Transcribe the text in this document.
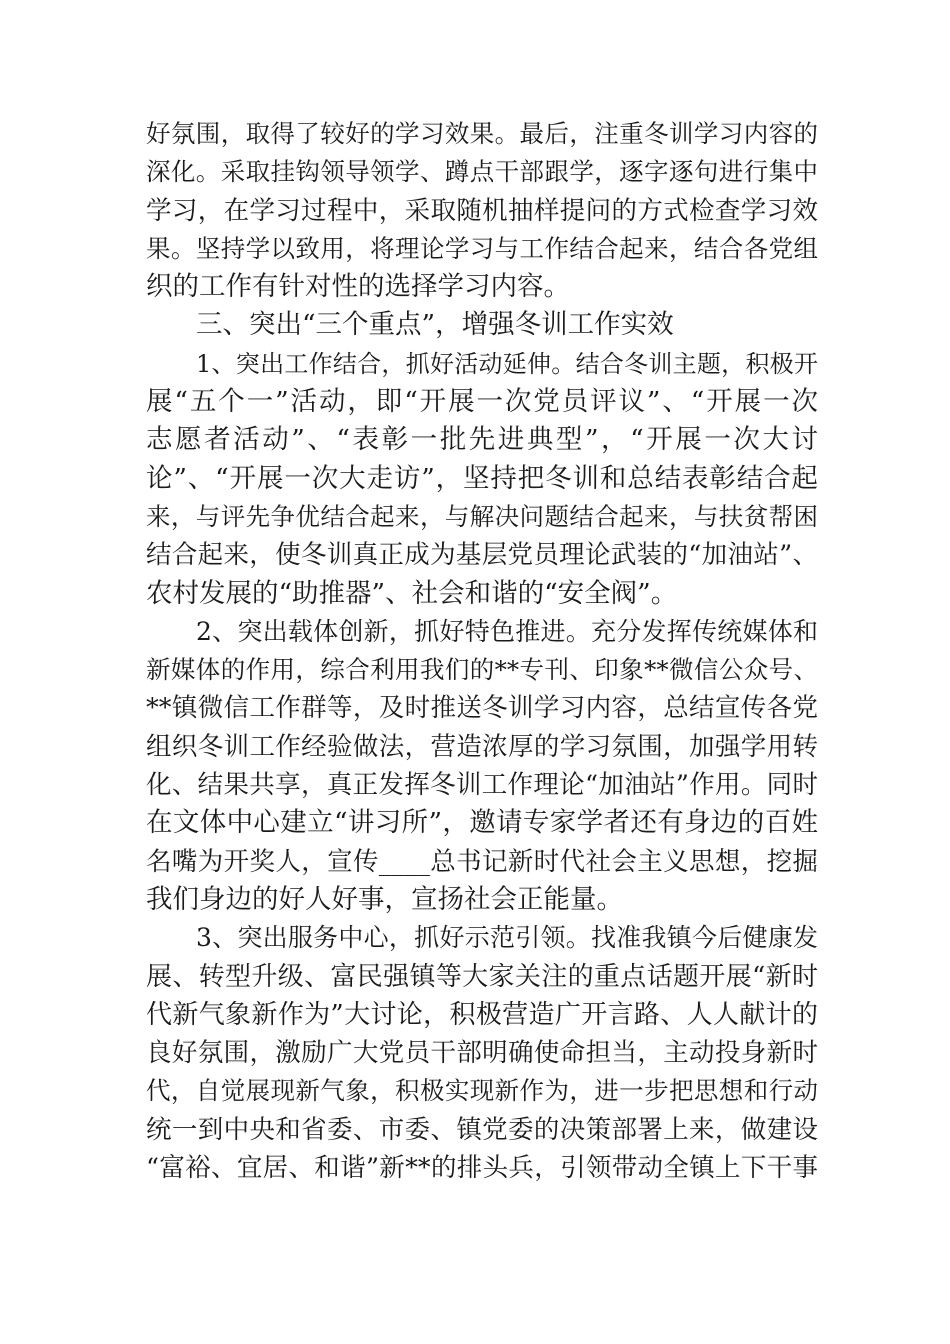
好氛围，取得了较好的学习效果。最后，注重冬训学习内容的
深化。采取挂钩领导领学、蹲点干部跟学，逐字逐句进行集中
学习，在学习过程中，采取随机抽样提问的方式检查学习效
果。坚持学以致用，将理论学习与工作结合起来，结合各党组
织的工作有针对性的选择学习内容。
三、突出“三个重点”，增强冬训工作实效
1、突出工作结合，抓好活动延伸。结合冬训主题，积极开
展“五个一”活动，即“开展一次党员评议”、“开展一次
志愿者活动”、“表彰一批先进典型”，“开展一次大讨
论”、“开展一次大走访”，坚持把冬训和总结表彰结合起
来，与评先争优结合起来，与解决问题结合起来，与扶贫帮困
结合起来，使冬训真正成为基层党员理论武装的“加油站”、
农村发展的“助推器”、社会和谐的“安全阀”。
2、突出载体创新，抓好特色推进。充分发挥传统媒体和
新媒体的作用，综合利用我们的**专刊、印象**微信公众号、
**镇微信工作群等，及时推送冬训学习内容，总结宣传各党
组织冬训工作经验做法，营造浓厚的学习氛围，加强学用转
化、结果共享，真正发挥冬训工作理论“加油站”作用。同时
在文体中心建立“讲习所”，邀请专家学者还有身边的百姓
名嘴为开奖人，宣传____总书记新时代社会主义思想，挖掘
我们身边的好人好事，宣扬社会正能量。
3、突出服务中心，抓好示范引领。找准我镇今后健康发
展、转型升级、富民强镇等大家关注的重点话题开展“新时
代新气象新作为”大讨论，积极营造广开言路、人人献计的
良好氛围，激励广大党员干部明确使命担当，主动投身新时
代，自觉展现新气象，积极实现新作为，进一步把思想和行动
统一到中央和省委、市委、镇党委的决策部署上来，做建设
“富裕、宜居、和谐”新**的排头兵，引领带动全镇上下干事
